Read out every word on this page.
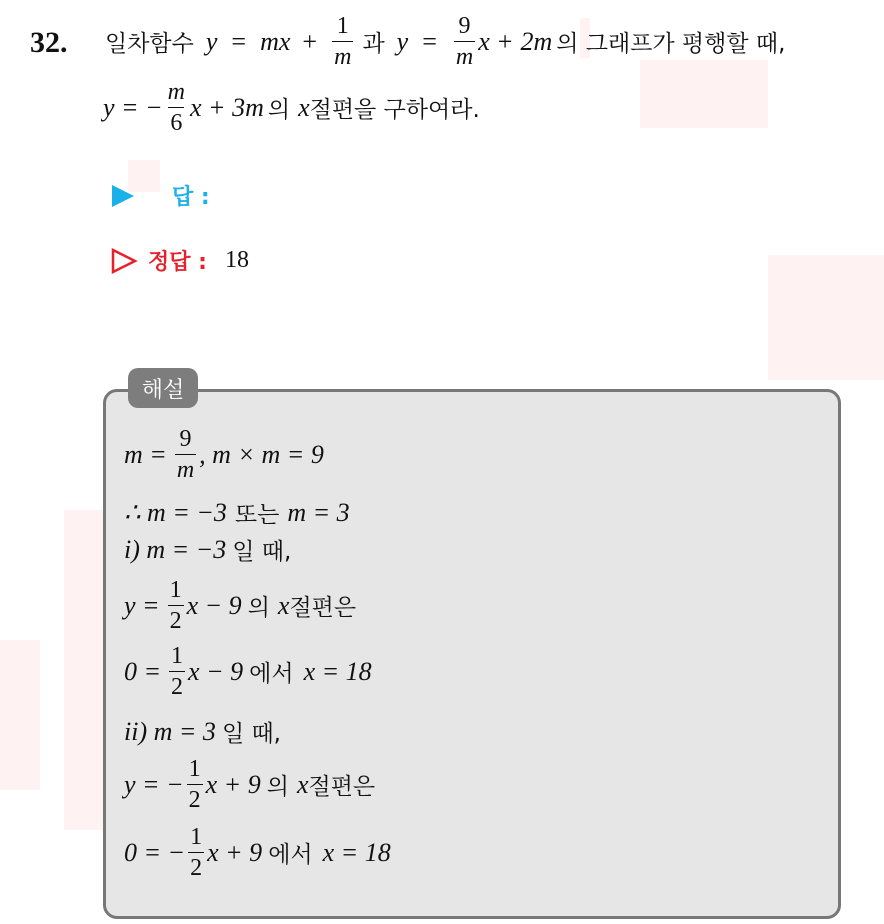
32. 일차함수 y = mx + $\frac{1}{m}$ 과 $y = \frac{9}{m}$ x + 2m 의 그래프가 평행할 때,
y = − $\frac{m}{6}$ x + 3m 의 x 절편을 구하여라.
답 :
정답 : 18
해설
$m = \frac{9}{m}$ , m × m = 9
∴ m = −3 또는 m = 3
i) m = −3 일 때,
$y = \frac{1}{2}$ x − 9 의 x 절편은
$0 = \frac{1}{2}$ x − 9 에서 x = 18
ii) m = 3 일 때,
y = − $\frac{1}{2}$ x + 9 의 x 절편은
0 = − $\frac{1}{2}$ x + 9 에서 x = 18
